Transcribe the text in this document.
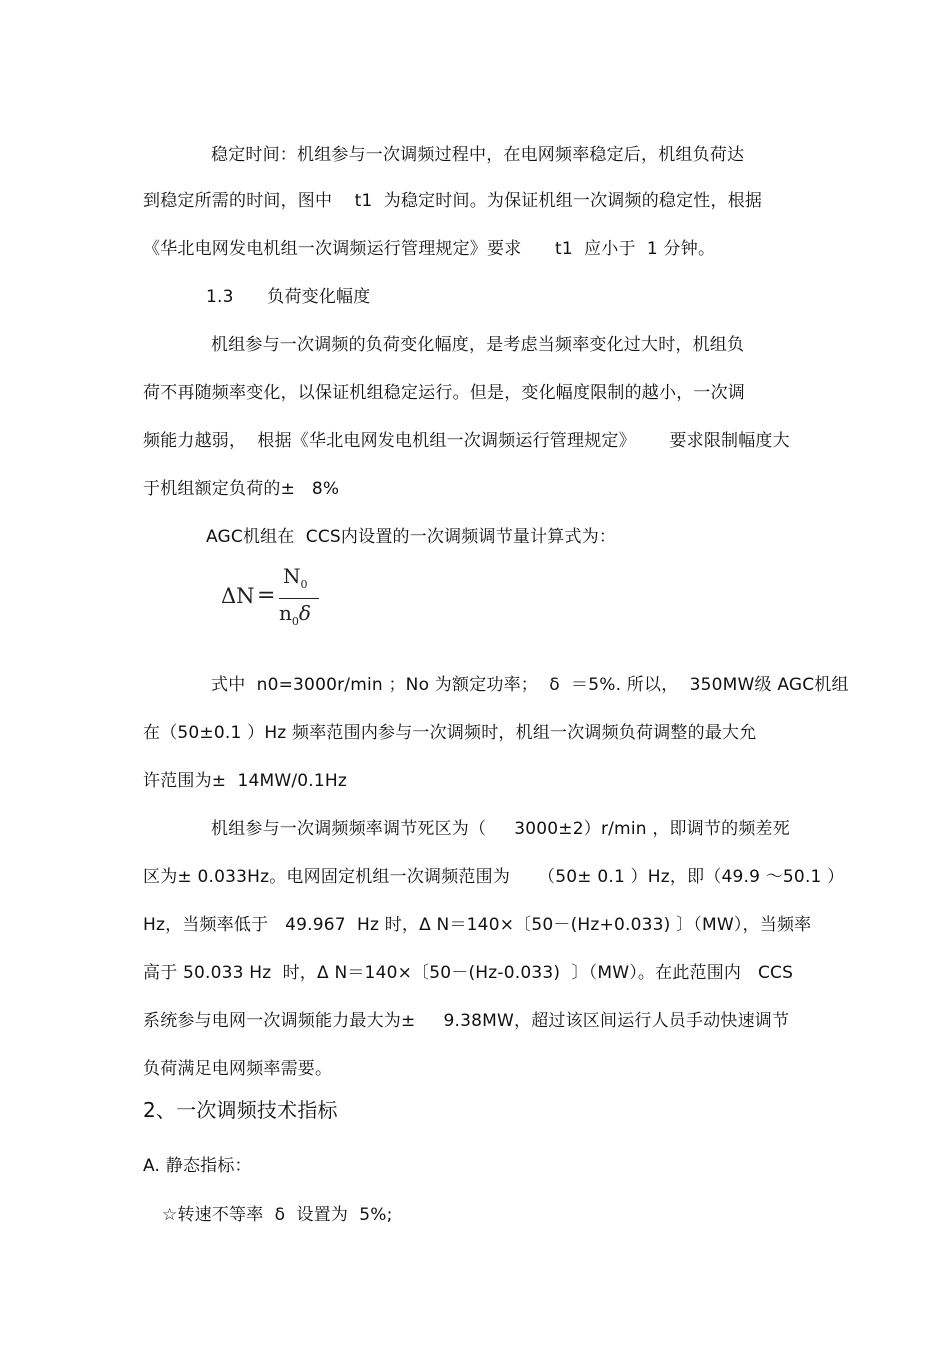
稳定时间：机组参与一次调频过程中，在电网频率稳定后，机组负荷达
到稳定所需的时间，图中    t1  为稳定时间。为保证机组一次调频的稳定性，根据
《华北电网发电机组一次调频运行管理规定》要求      t1  应小于  1 分钟。
1.3      负荷变化幅度
机组参与一次调频的负荷变化幅度，是考虑当频率变化过大时，机组负
荷不再随频率变化，以保证机组稳定运行。但是，变化幅度限制的越小，一次调
频能力越弱，  根据《华北电网发电机组一次调频运行管理规定》      要求限制幅度大
于机组额定负荷的±   8%
AGC机组在  CCS内设置的一次调频调节量计算式为：
ΔN =
$N_0$
$n_0\delta$
式中  n0=3000r/min ；No 为额定功率；  δ  ＝5%. 所以，  350MW级 AGC机组
在（50±0.1 ）Hz 频率范围内参与一次调频时，机组一次调频负荷调整的最大允
许范围为±  14MW/0.1Hz
机组参与一次调频频率调节死区为（     3000±2）r/min ，即调节的频差死
区为± 0.033Hz。电网固定机组一次调频范围为     （50± 0.1 ）Hz，即（49.9 ～50.1 ）
Hz，当频率低于   49.967  Hz 时，Δ N＝140×〔50－(Hz+0.033) 〕（MW），当频率
高于 50.033 Hz  时，Δ N＝140×〔50－(Hz-0.033)  〕（MW）。在此范围内   CCS
系统参与电网一次调频能力最大为±     9.38MW，超过该区间运行人员手动快速调节
负荷满足电网频率需要。
2、一次调频技术指标
A. 静态指标：
☆转速不等率  δ  设置为  5%;
